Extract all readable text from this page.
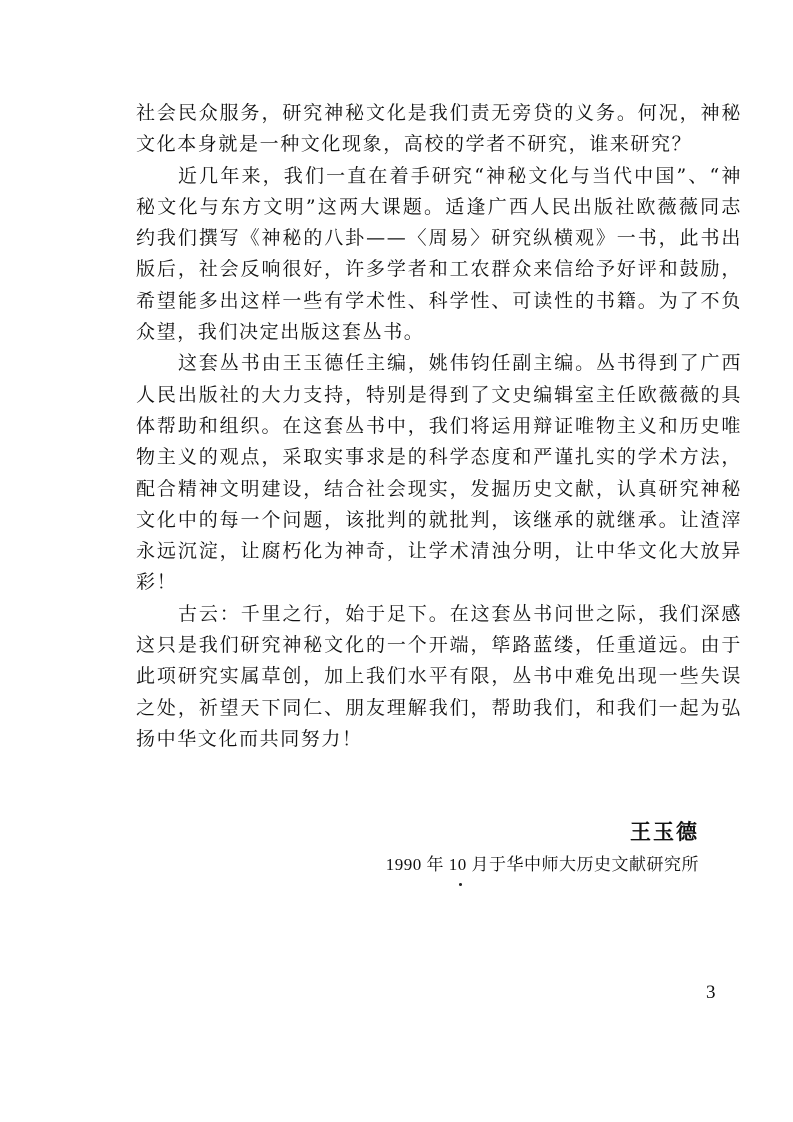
社会民众服务，研究神秘文化是我们责无旁贷的义务。何况，神秘文化本身就是一种文化现象，高校的学者不研究，谁来研究？

近几年来，我们一直在着手研究“神秘文化与当代中国”、“神秘文化与东方文明”这两大课题。适逢广西人民出版社欧薇薇同志约我们撰写《神秘的八卦——〈周易〉研究纵横观》一书，此书出版后，社会反响很好，许多学者和工农群众来信给予好评和鼓励，希望能多出这样一些有学术性、科学性、可读性的书籍。为了不负众望，我们决定出版这套丛书。

这套丛书由王玉德任主编，姚伟钧任副主编。丛书得到了广西人民出版社的大力支持，特别是得到了文史编辑室主任欧薇薇的具体帮助和组织。在这套丛书中，我们将运用辩证唯物主义和历史唯物主义的观点，采取实事求是的科学态度和严谨扎实的学术方法，配合精神文明建设，结合社会现实，发掘历史文献，认真研究神秘文化中的每一个问题，该批判的就批判，该继承的就继承。让渣滓永远沉淀，让腐朽化为神奇，让学术清浊分明，让中华文化大放异彩！

古云：千里之行，始于足下。在这套丛书问世之际，我们深感这只是我们研究神秘文化的一个开端，筚路蓝缕，任重道远。由于此项研究实属草创，加上我们水平有限，丛书中难免出现一些失误之处，祈望天下同仁、朋友理解我们，帮助我们，和我们一起为弘扬中华文化而共同努力！

王玉德
1990 年 10 月于华中师大历史文献研究所
3
